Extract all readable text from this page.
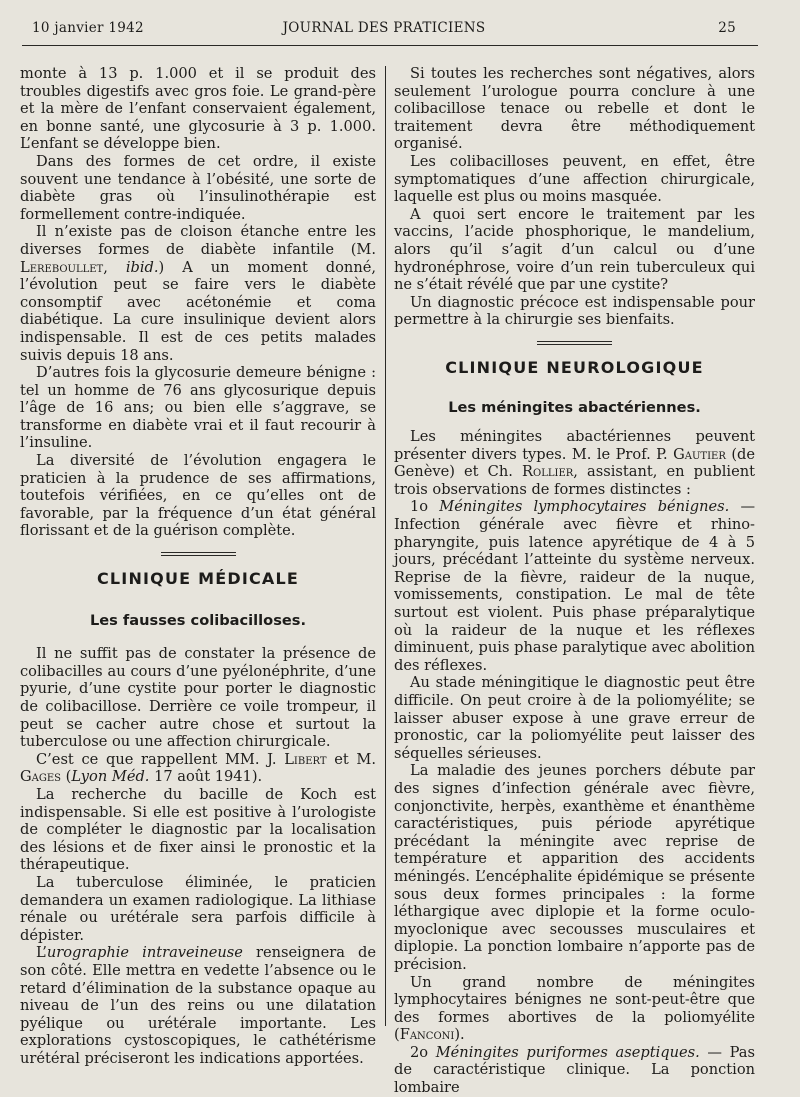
10 janvier 1942	JOURNAL DES PRATICIENS	25

monte à 13 p. 1.000 et il se produit des troubles digestifs avec gros foie. Le grand-père et la mère de l’enfant conservaient également, en bonne santé, une glycosurie à 3 p. 1.000. L’enfant se développe bien.

Dans des formes de cet ordre, il existe souvent une tendance à l’obésité, une sorte de diabète gras où l’insulinothérapie est formellement contre-indiquée.

Il n’existe pas de cloison étanche entre les diverses formes de diabète infantile (M. Lereboullet, ibid.) A un moment donné, l’évolution peut se faire vers le diabète consomptif avec acétonémie et coma diabétique. La cure insulinique devient alors indispensable. Il est de ces petits malades suivis depuis 18 ans.

D’autres fois la glycosurie demeure bénigne : tel un homme de 76 ans glycosurique depuis l’âge de 16 ans; ou bien elle s’aggrave, se transforme en diabète vrai et il faut recourir à l’insuline.

La diversité de l’évolution engagera le praticien à la prudence de ses affirmations, toutefois vérifiées, en ce qu’elles ont de favorable, par la fréquence d’un état général florissant et de la guérison complète.

CLINIQUE MÉDICALE
Les fausses colibacilloses.

Il ne suffit pas de constater la présence de colibacilles au cours d’une pyélonéphrite, d’une pyurie, d’une cystite pour porter le diagnostic de colibacillose. Derrière ce voile trompeur, il peut se cacher autre chose et surtout la tuberculose ou une affection chirurgicale.

C’est ce que rappellent MM. J. Libert et M. Gages (Lyon Méd. 17 août 1941).

La recherche du bacille de Koch est indispensable. Si elle est positive à l’urologiste de compléter le diagnostic par la localisation des lésions et de fixer ainsi le pronostic et la thérapeutique.

La tuberculose éliminée, le praticien demandera un examen radiologique. La lithiase rénale ou urétérale sera parfois difficile à dépister.

L’urographie intraveineuse renseignera de son côté. Elle mettra en vedette l’absence ou le retard d’élimination de la substance opaque au niveau de l’un des reins ou une dilatation pyélique ou urétérale importante. Les explorations cystoscopiques, le cathétérisme urétéral préciseront les indications apportées.

Si toutes les recherches sont négatives, alors seulement l’urologue pourra conclure à une colibacillose tenace ou rebelle et dont le traitement devra être méthodiquement organisé.

Les colibacilloses peuvent, en effet, être symptomatiques d’une affection chirurgicale, laquelle est plus ou moins masquée.

A quoi sert encore le traitement par les vaccins, l’acide phosphorique, le mandelium, alors qu’il s’agit d’un calcul ou d’une hydronéphrose, voire d’un rein tuberculeux qui ne s’était révélé que par une cystite?

Un diagnostic précoce est indispensable pour permettre à la chirurgie ses bienfaits.

CLINIQUE NEUROLOGIQUE
Les méningites abactériennes.

Les méningites abactériennes peuvent présenter divers types. M. le Prof. P. Gautier (de Genève) et Ch. Rollier, assistant, en publient trois observations de formes distinctes :

1o Méningites lymphocytaires bénignes. — Infection générale avec fièvre et rhino-pharyngite, puis latence apyrétique de 4 à 5 jours, précédant l’atteinte du système nerveux. Reprise de la fièvre, raideur de la nuque, vomissements, constipation. Le mal de tête surtout est violent. Puis phase préparalytique où la raideur de la nuque et les réflexes diminuent, puis phase paralytique avec abolition des réflexes.

Au stade méningitique le diagnostic peut être difficile. On peut croire à de la poliomyélite; se laisser abuser expose à une grave erreur de pronostic, car la poliomyélite peut laisser des séquelles sérieuses.

La maladie des jeunes porchers débute par des signes d’infection générale avec fièvre, conjonctivite, herpès, exanthème et énanthème caractéristiques, puis période apyrétique précédant la méningite avec reprise de température et apparition des accidents méningés. L’encéphalite épidémique se présente sous deux formes principales : la forme léthargique avec diplopie et la forme oculo-myoclonique avec secousses musculaires et diplopie. La ponction lombaire n’apporte pas de précision.

Un grand nombre de méningites lymphocytaires bénignes ne sont-peut-être que des formes abortives de la poliomyélite (Fanconi).

2o Méningites puriformes aseptiques. — Pas de caractéristique clinique. La ponction lombaire
